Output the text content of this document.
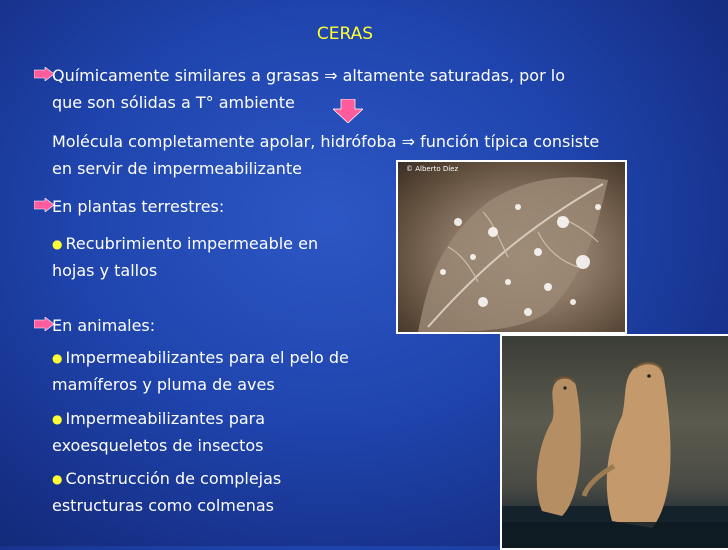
CERAS
Químicamente similares a grasas ⇒ altamente saturadas, por lo
que son sólidas a T° ambiente
Molécula completamente apolar, hidrófoba ⇒ función típica consiste
en servir de impermeabilizante
En plantas terrestres:
● Recubrimiento impermeable en
hojas y tallos
© Alberto Díez
En animales:
● Impermeabilizantes para el pelo de
mamíferos y pluma de aves
● Impermeabilizantes para
exoesqueletos de insectos
● Construcción de complejas
estructuras como colmenas
